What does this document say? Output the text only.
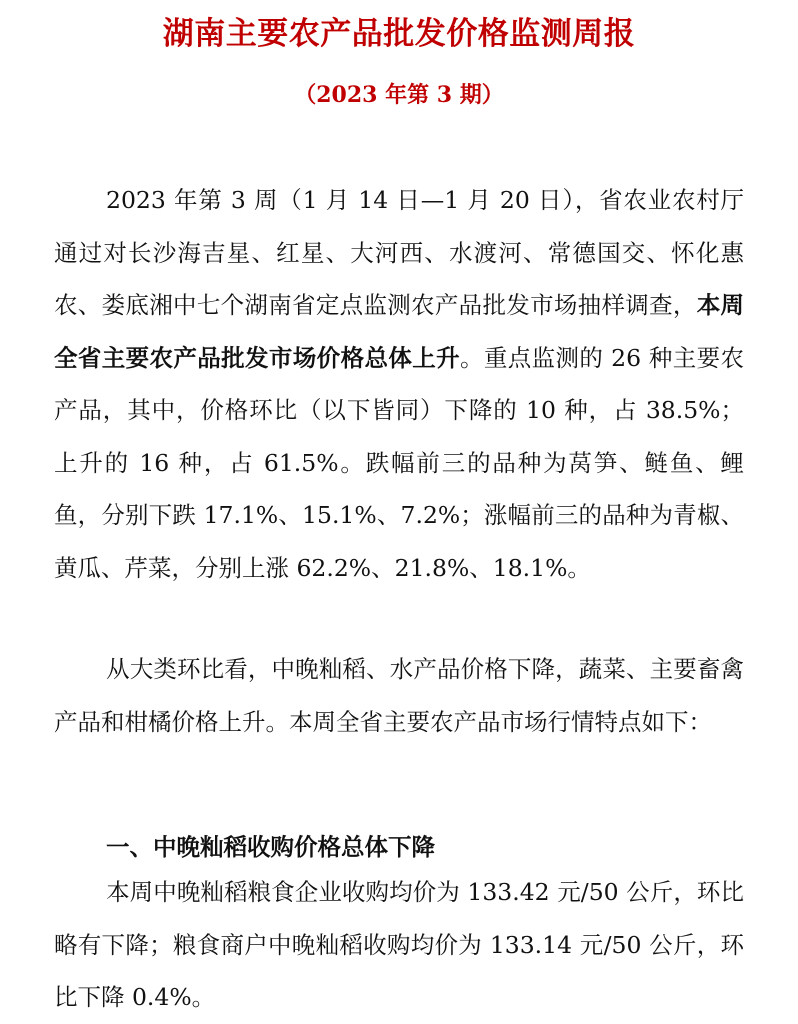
湖南主要农产品批发价格监测周报
（2023 年第 3 期）

2023 年第 3 周（1 月 14 日—1 月 20 日），省农业农村厅通过对长沙海吉星、红星、大河西、水渡河、常德国交、怀化惠农、娄底湘中七个湖南省定点监测农产品批发市场抽样调查，本周全省主要农产品批发市场价格总体上升。重点监测的 26 种主要农产品，其中，价格环比（以下皆同）下降的 10 种，占 38.5%；上升的 16 种，占 61.5%。跌幅前三的品种为莴笋、鲢鱼、鲤鱼，分别下跌 17.1%、15.1%、7.2%；涨幅前三的品种为青椒、黄瓜、芹菜，分别上涨 62.2%、21.8%、18.1%。

从大类环比看，中晚籼稻、水产品价格下降，蔬菜、主要畜禽产品和柑橘价格上升。本周全省主要农产品市场行情特点如下：

一、中晚籼稻收购价格总体下降

本周中晚籼稻粮食企业收购均价为 133.42 元/50 公斤，环比略有下降；粮食商户中晚籼稻收购均价为 133.14 元/50 公斤，环比下降 0.4%。
